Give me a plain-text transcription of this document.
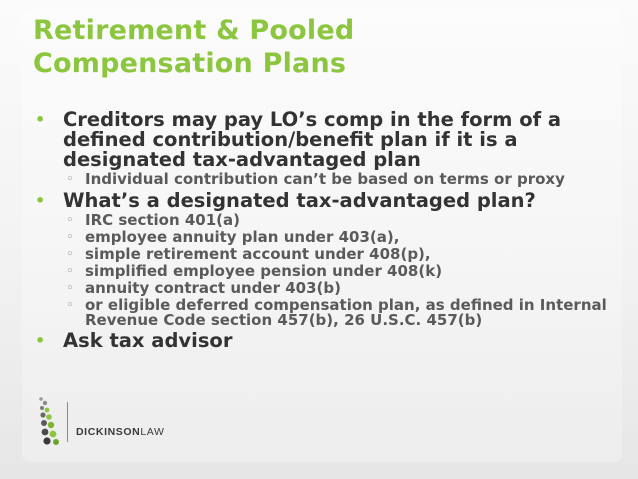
Retirement & Pooled
Compensation Plans
• Creditors may pay LO’s comp in the form of a defined contribution/benefit plan if it is a designated tax-advantaged plan
◦ Individual contribution can’t be based on terms or proxy
• What’s a designated tax-advantaged plan?
◦ IRC section 401(a)
◦ employee annuity plan under 403(a),
◦ simple retirement account under 408(p),
◦ simplified employee pension under 408(k)
◦ annuity contract under 403(b)
◦ or eligible deferred compensation plan, as defined in Internal Revenue Code section 457(b), 26 U.S.C. 457(b)
• Ask tax advisor
DICKINSONLAW
